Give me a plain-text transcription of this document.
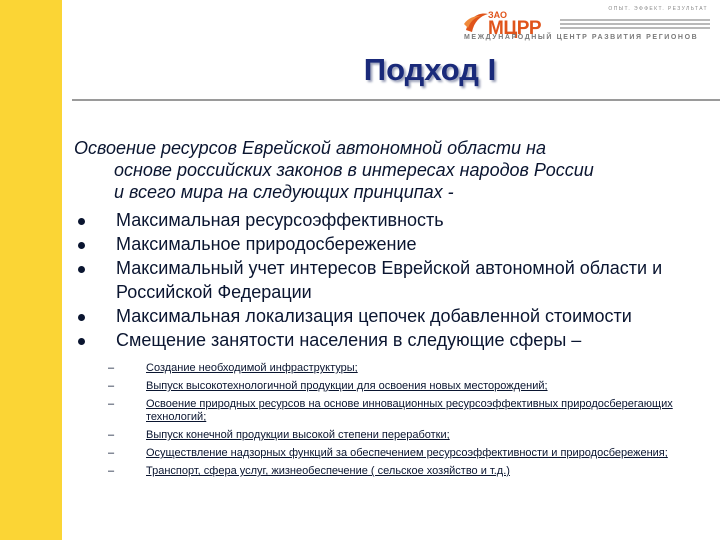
ОПЫТ. ЭФФЕКТ. РЕЗУЛЬТАТ
ЗАО
МЦРР
МЕЖДУНАРОДНЫЙ ЦЕНТР РАЗВИТИЯ РЕГИОНОВ
Подход I
Освоение ресурсов Еврейской автономной области на
основе российских законов в интересах народов России
и всего мира на следующих принципах -
Максимальная ресурсоэффективность
Максимальное природосбережение
Максимальный учет интересов Еврейской автономной области и Российской Федерации
Максимальная локализация цепочек добавленной стоимости
Смещение занятости населения в следующие сферы –
–	Создание необходимой инфраструктуры;
–	Выпуск высокотехнологичной продукции для освоения новых месторождений;
–	Освоение природных ресурсов на основе инновационных ресурсоэффективных природосберегающих технологий;
–	Выпуск конечной продукции высокой степени переработки;
–	Осуществление надзорных функций за обеспечением ресурсоэффективности и природосбережения;
–	Транспорт, сфера услуг, жизнеобеспечение ( сельское хозяйство и т.д.)
